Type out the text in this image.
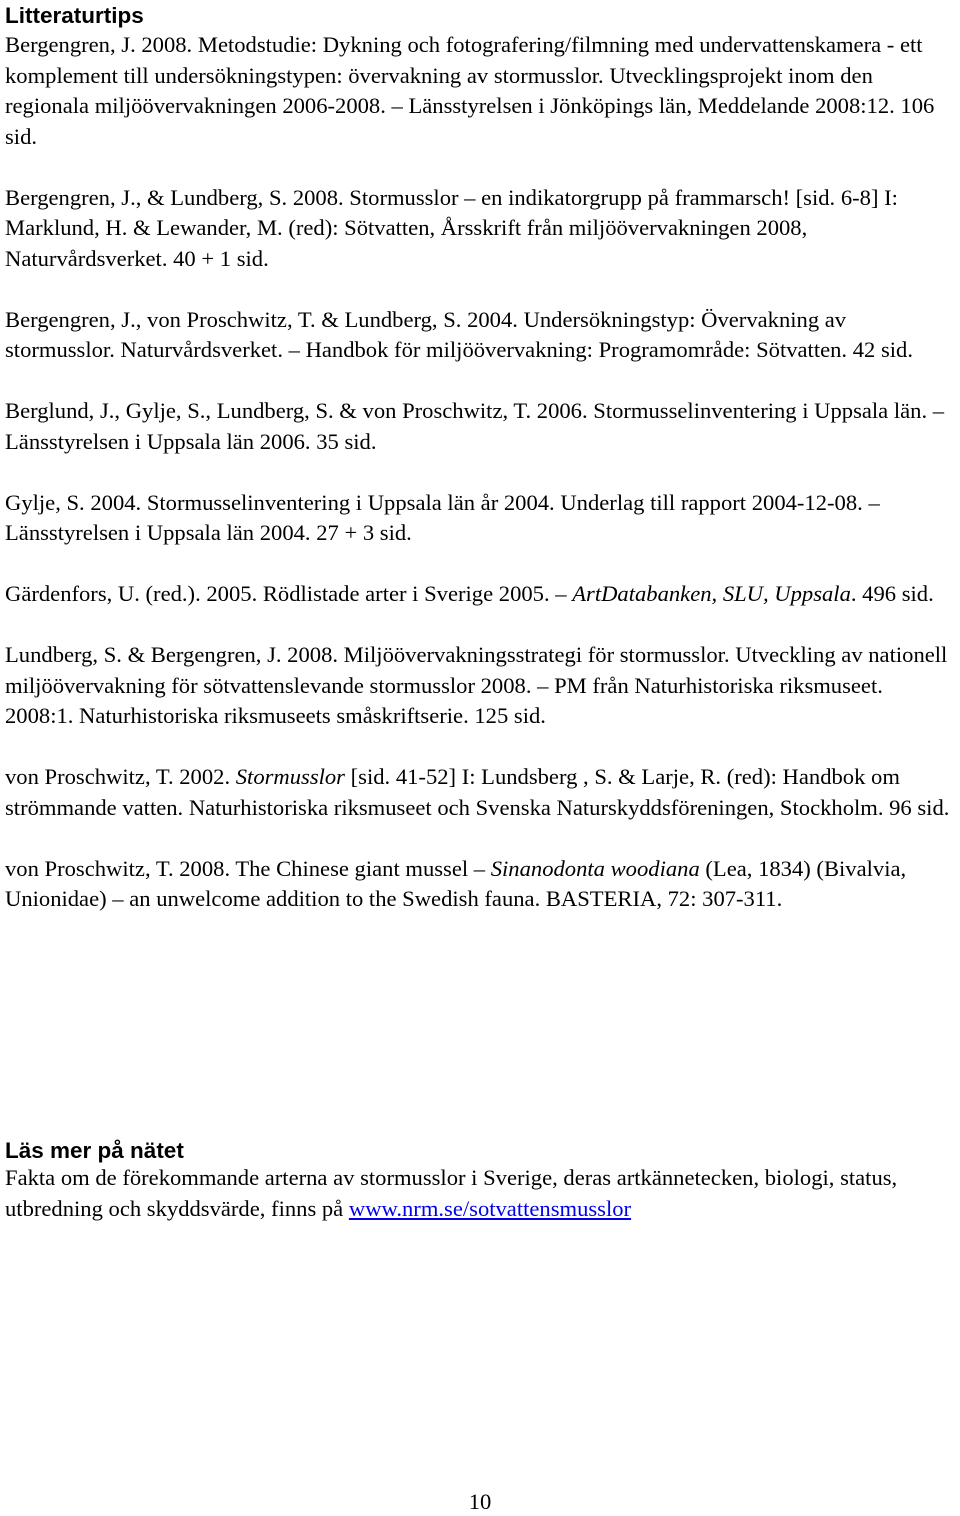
Litteraturtips

Bergengren, J. 2008. Metodstudie: Dykning och fotografering/filmning med undervattenskamera - ett komplement till undersökningstypen: övervakning av stormusslor. Utvecklingsprojekt inom den regionala miljöövervakningen 2006-2008. – Länsstyrelsen i Jönköpings län, Meddelande 2008:12. 106 sid.

Bergengren, J., & Lundberg, S. 2008. Stormusslor – en indikatorgrupp på frammarsch! [sid. 6-8] I: Marklund, H. & Lewander, M. (red): Sötvatten, Årsskrift från miljöövervakningen 2008, Naturvårdsverket. 40 + 1 sid.

Bergengren, J., von Proschwitz, T. & Lundberg, S. 2004. Undersökningstyp: Övervakning av stormusslor. Naturvårdsverket. – Handbok för miljöövervakning: Programområde: Sötvatten. 42 sid.

Berglund, J., Gylje, S., Lundberg, S. & von Proschwitz, T. 2006. Stormusselinventering i Uppsala län. – Länsstyrelsen i Uppsala län 2006. 35 sid.

Gylje, S. 2004. Stormusselinventering i Uppsala län år 2004. Underlag till rapport 2004-12-08. – Länsstyrelsen i Uppsala län 2004. 27 + 3 sid.

Gärdenfors, U. (red.). 2005. Rödlistade arter i Sverige 2005. – ArtDatabanken, SLU, Uppsala. 496 sid.

Lundberg, S. & Bergengren, J. 2008. Miljöövervakningsstrategi för stormusslor. Utveckling av nationell miljöövervakning för sötvattenslevande stormusslor 2008. – PM från Naturhistoriska riksmuseet. 2008:1. Naturhistoriska riksmuseets småskriftserie. 125 sid.

von Proschwitz, T. 2002. Stormusslor [sid. 41-52] I: Lundsberg , S. & Larje, R. (red): Handbok om strömmande vatten. Naturhistoriska riksmuseet och Svenska Naturskyddsföreningen, Stockholm. 96 sid.

von Proschwitz, T. 2008. The Chinese giant mussel – Sinanodonta woodiana (Lea, 1834) (Bivalvia, Unionidae) – an unwelcome addition to the Swedish fauna. BASTERIA, 72: 307-311.

Läs mer på nätet

Fakta om de förekommande arterna av stormusslor i Sverige, deras artkännetecken, biologi, status, utbredning och skyddsvärde, finns på www.nrm.se/sotvattensmusslor

10
